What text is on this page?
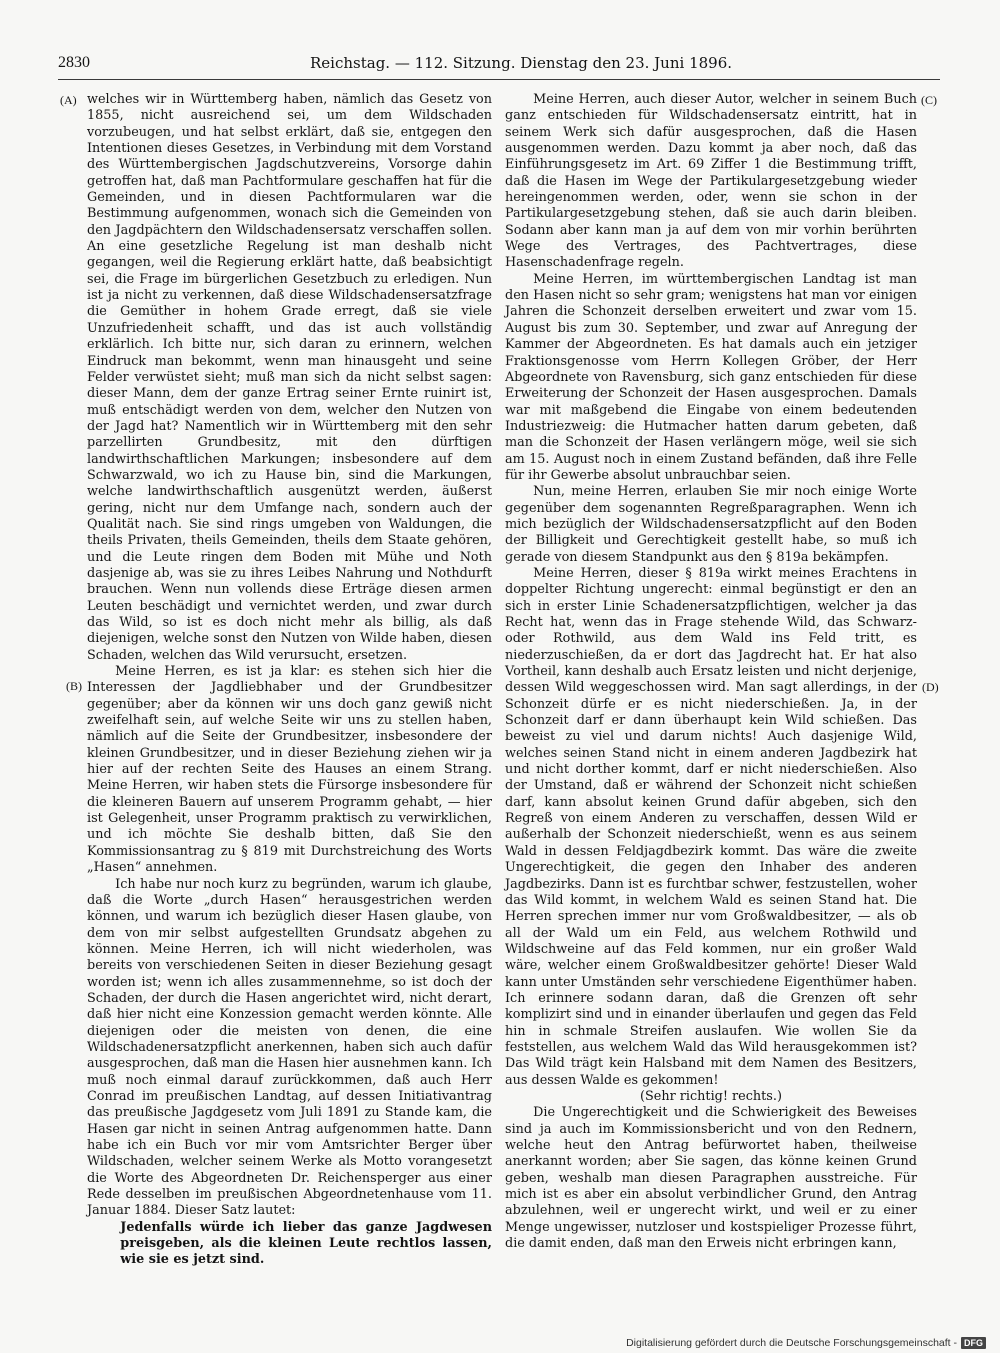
2830	Reichstag. — 112. Sitzung. Dienstag den 23. Juni 1896.
(A)
(B)
(C)
(D)

welches wir in Württemberg haben, nämlich das Gesetz von 1855, nicht ausreichend sei, um dem Wildschaden vorzubeugen, und hat selbst erklärt, daß sie, entgegen den Intentionen dieses Gesetzes, in Verbindung mit dem Vorstand des Württembergischen Jagdschutzvereins, Vorsorge dahin getroffen hat, daß man Pachtformulare geschaffen hat für die Gemeinden, und in diesen Pachtformularen war die Bestimmung aufgenommen, wonach sich die Gemeinden von den Jagdpächtern den Wildschadensersatz verschaffen sollen. An eine gesetzliche Regelung ist man deshalb nicht gegangen, weil die Regierung erklärt hatte, daß beabsichtigt sei, die Frage im bürgerlichen Gesetzbuch zu erledigen. Nun ist ja nicht zu verkennen, daß diese Wildschadensersatzfrage die Gemüther in hohem Grade erregt, daß sie viele Unzufriedenheit schafft, und das ist auch vollständig erklärlich. Ich bitte nur, sich daran zu erinnern, welchen Eindruck man bekommt, wenn man hinausgeht und seine Felder verwüstet sieht; muß man sich da nicht selbst sagen: dieser Mann, dem der ganze Ertrag seiner Ernte ruinirt ist, muß entschädigt werden von dem, welcher den Nutzen von der Jagd hat? Namentlich wir in Württemberg mit den sehr parzellirten Grundbesitz, mit den dürftigen landwirthschaftlichen Markungen; insbesondere auf dem Schwarzwald, wo ich zu Hause bin, sind die Markungen, welche landwirthschaftlich ausgenützt werden, äußerst gering, nicht nur dem Umfange nach, sondern auch der Qualität nach. Sie sind rings umgeben von Waldungen, die theils Privaten, theils Gemeinden, theils dem Staate gehören, und die Leute ringen dem Boden mit Mühe und Noth dasjenige ab, was sie zu ihres Leibes Nahrung und Nothdurft brauchen. Wenn nun vollends diese Erträge diesen armen Leuten beschädigt und vernichtet werden, und zwar durch das Wild, so ist es doch nicht mehr als billig, als daß diejenigen, welche sonst den Nutzen von Wilde haben, diesen Schaden, welchen das Wild verursucht, ersetzen.

Meine Herren, es ist ja klar: es stehen sich hier die Interessen der Jagdliebhaber und der Grundbesitzer gegenüber; aber da können wir uns doch ganz gewiß nicht zweifelhaft sein, auf welche Seite wir uns zu stellen haben, nämlich auf die Seite der Grundbesitzer, insbesondere der kleinen Grundbesitzer, und in dieser Beziehung ziehen wir ja hier auf der rechten Seite des Hauses an einem Strang. Meine Herren, wir haben stets die Fürsorge insbesondere für die kleineren Bauern auf unserem Programm gehabt, — hier ist Gelegenheit, unser Programm praktisch zu verwirklichen, und ich möchte Sie deshalb bitten, daß Sie den Kommissionsantrag zu § 819 mit Durchstreichung des Worts „Hasen“ annehmen.

Ich habe nur noch kurz zu begründen, warum ich glaube, daß die Worte „durch Hasen“ herausgestrichen werden können, und warum ich bezüglich dieser Hasen glaube, von dem von mir selbst aufgestellten Grundsatz abgehen zu können. Meine Herren, ich will nicht wiederholen, was bereits von verschiedenen Seiten in dieser Beziehung gesagt worden ist; wenn ich alles zusammennehme, so ist doch der Schaden, der durch die Hasen angerichtet wird, nicht derart, daß hier nicht eine Konzession gemacht werden könnte. Alle diejenigen oder die meisten von denen, die eine Wildschadenersatzpflicht anerkennen, haben sich auch dafür ausgesprochen, daß man die Hasen hier ausnehmen kann. Ich muß noch einmal darauf zurückkommen, daß auch Herr Conrad im preußischen Landtag, auf dessen Initiativantrag das preußische Jagdgesetz vom Juli 1891 zu Stande kam, die Hasen gar nicht in seinen Antrag aufgenommen hatte. Dann habe ich ein Buch vor mir vom Amtsrichter Berger über Wildschaden, welcher seinem Werke als Motto vorangesetzt die Worte des Abgeordneten Dr. Reichensperger aus einer Rede desselben im preußischen Abgeordnetenhause vom 11. Januar 1884. Dieser Satz lautet:

Jedenfalls würde ich lieber das ganze Jagdwesen preisgeben, als die kleinen Leute rechtlos lassen, wie sie es jetzt sind.

Meine Herren, auch dieser Autor, welcher in seinem Buch ganz entschieden für Wildschadensersatz eintritt, hat in seinem Werk sich dafür ausgesprochen, daß die Hasen ausgenommen werden. Dazu kommt ja aber noch, daß das Einführungsgesetz im Art. 69 Ziffer 1 die Bestimmung trifft, daß die Hasen im Wege der Partikulargesetzgebung wieder hereingenommen werden, oder, wenn sie schon in der Partikulargesetzgebung stehen, daß sie auch darin bleiben. Sodann aber kann man ja auf dem von mir vorhin berührten Wege des Vertrages, des Pachtvertrages, diese Hasenschadenfrage regeln.

Meine Herren, im württembergischen Landtag ist man den Hasen nicht so sehr gram; wenigstens hat man vor einigen Jahren die Schonzeit derselben erweitert und zwar vom 15. August bis zum 30. September, und zwar auf Anregung der Kammer der Abgeordneten. Es hat damals auch ein jetziger Fraktionsgenosse vom Herrn Kollegen Gröber, der Herr Abgeordnete von Ravensburg, sich ganz entschieden für diese Erweiterung der Schonzeit der Hasen ausgesprochen. Damals war mit maßgebend die Eingabe von einem bedeutenden Industriezweig: die Hutmacher hatten darum gebeten, daß man die Schonzeit der Hasen verlängern möge, weil sie sich am 15. August noch in einem Zustand befänden, daß ihre Felle für ihr Gewerbe absolut unbrauchbar seien.

Nun, meine Herren, erlauben Sie mir noch einige Worte gegenüber dem sogenannten Regreßparagraphen. Wenn ich mich bezüglich der Wildschadensersatzpflicht auf den Boden der Billigkeit und Gerechtigkeit gestellt habe, so muß ich gerade von diesem Standpunkt aus den § 819a bekämpfen.

Meine Herren, dieser § 819a wirkt meines Erachtens in doppelter Richtung ungerecht: einmal begünstigt er den an sich in erster Linie Schadenersatzpflichtigen, welcher ja das Recht hat, wenn das in Frage stehende Wild, das Schwarz- oder Rothwild, aus dem Wald ins Feld tritt, es niederzuschießen, da er dort das Jagdrecht hat. Er hat also Vortheil, kann deshalb auch Ersatz leisten und nicht derjenige, dessen Wild weggeschossen wird. Man sagt allerdings, in der Schonzeit dürfe er es nicht niederschießen. Ja, in der Schonzeit darf er dann überhaupt kein Wild schießen. Das beweist zu viel und darum nichts! Auch dasjenige Wild, welches seinen Stand nicht in einem anderen Jagdbezirk hat und nicht dorther kommt, darf er nicht niederschießen. Also der Umstand, daß er während der Schonzeit nicht schießen darf, kann absolut keinen Grund dafür abgeben, sich den Regreß von einem Anderen zu verschaffen, dessen Wild er außerhalb der Schonzeit niederschießt, wenn es aus seinem Wald in dessen Feldjagdbezirk kommt. Das wäre die zweite Ungerechtigkeit, die gegen den Inhaber des anderen Jagdbezirks. Dann ist es furchtbar schwer, festzustellen, woher das Wild kommt, in welchem Wald es seinen Stand hat. Die Herren sprechen immer nur vom Großwaldbesitzer, — als ob all der Wald um ein Feld, aus welchem Rothwild und Wildschweine auf das Feld kommen, nur ein großer Wald wäre, welcher einem Großwaldbesitzer gehörte! Dieser Wald kann unter Umständen sehr verschiedene Eigenthümer haben. Ich erinnere sodann daran, daß die Grenzen oft sehr komplizirt sind und in einander überlaufen und gegen das Feld hin in schmale Streifen auslaufen. Wie wollen Sie da feststellen, aus welchem Wald das Wild herausgekommen ist? Das Wild trägt kein Halsband mit dem Namen des Besitzers, aus dessen Walde es gekommen!

(Sehr richtig! rechts.)

Die Ungerechtigkeit und die Schwierigkeit des Beweises sind ja auch im Kommissionsbericht und von den Rednern, welche heut den Antrag befürwortet haben, theilweise anerkannt worden; aber Sie sagen, das könne keinen Grund geben, weshalb man diesen Paragraphen ausstreiche. Für mich ist es aber ein absolut verbindlicher Grund, den Antrag abzulehnen, weil er ungerecht wirkt, und weil er zu einer Menge ungewisser, nutzloser und kostspieliger Prozesse führt, die damit enden, daß man den Erweis nicht erbringen kann,

Digitalisierung gefördert durch die Deutsche Forschungsgemeinschaft - DFG
